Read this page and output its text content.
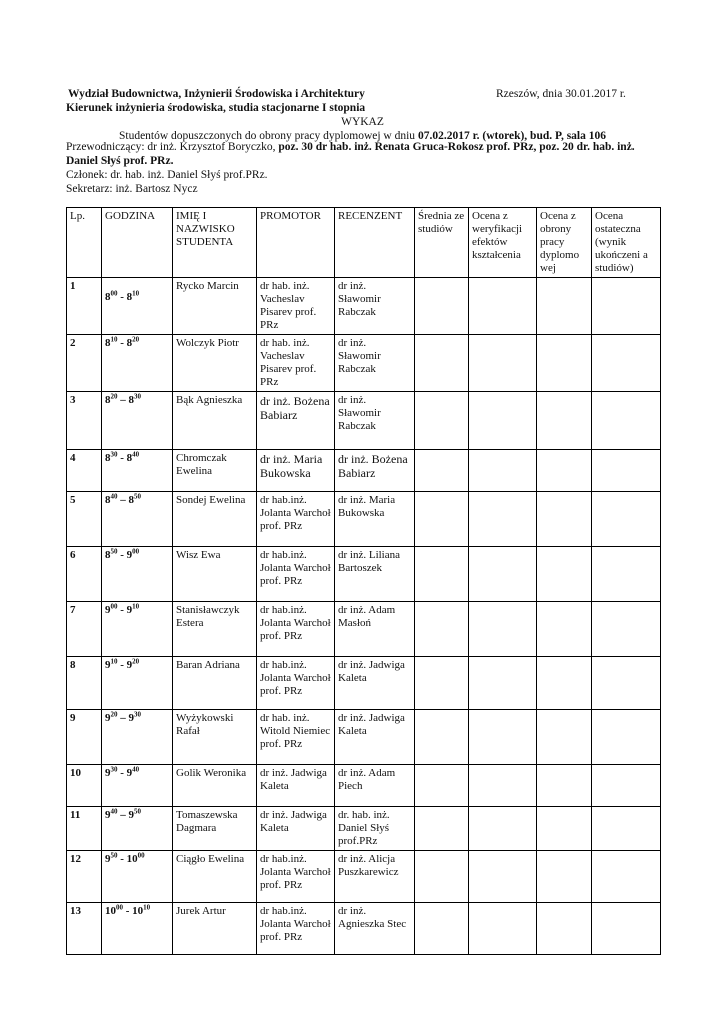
Wydział Budownictwa, Inżynierii Środowiska i Architektury	Rzeszów, dnia 30.01.2017 r.
Kierunek inżynieria środowiska, studia stacjonarne I stopnia
WYKAZ
Studentów dopuszczonych do obrony pracy dyplomowej w dniu 07.02.2017 r. (wtorek), bud. P, sala 106
Przewodniczący: dr inż. Krzysztof Boryczko, poz. 30 dr hab. inż. Renata Gruca-Rokosz prof. PRz, poz. 20 dr. hab. inż.
Daniel Słyś prof. PRz.
Członek: dr. hab. inż. Daniel Słyś prof.PRz.
Sekretarz: inż. Bartosz Nycz
Lp.	GODZINA	IMIĘ I NAZWISKO STUDENTA	PROMOTOR	RECENZENT	Średnia ze studiów	Ocena z weryfikacji efektów kształcenia	Ocena z obrony pracy dyplomo wej	Ocena ostateczna (wynik ukończeni a studiów)
1	$8^{00} - 8^{10}$	Rycko Marcin	dr hab. inż. Vacheslav Pisarev prof. PRz	dr inż. Sławomir Rabczak				
2	$8^{10} - 8^{20}$	Wolczyk Piotr	dr hab. inż. Vacheslav Pisarev prof. PRz	dr inż. Sławomir Rabczak				
3	$8^{20} - 8^{30}$	Bąk Agnieszka	dr inż. Bożena Babiarz	dr inż. Sławomir Rabczak				
4	$8^{30} - 8^{40}$	Chromczak Ewelina	dr inż. Maria Bukowska	dr inż. Bożena Babiarz				
5	$8^{40} - 8^{50}$	Sondej Ewelina	dr hab.inż. Jolanta Warchoł prof. PRz	dr inż. Maria Bukowska				
6	$8^{50} - 9^{00}$	Wisz Ewa	dr hab.inż. Jolanta Warchoł prof. PRz	dr inż. Liliana Bartoszek				
7	$9^{00} - 9^{10}$	Stanisławczyk Estera	dr hab.inż. Jolanta Warchoł prof. PRz	dr inż. Adam Masłoń				
8	$9^{10} - 9^{20}$	Baran Adriana	dr hab.inż. Jolanta Warchoł prof. PRz	dr inż. Jadwiga Kaleta				
9	$9^{20} - 9^{30}$	Wyżykowski Rafał	dr hab. inż. Witold Niemiec prof. PRz	dr inż. Jadwiga Kaleta				
10	$9^{30} - 9^{40}$	Golik Weronika	dr inż. Jadwiga Kaleta	dr inż. Adam Piech				
11	$9^{40} - 9^{50}$	Tomaszewska Dagmara	dr inż. Jadwiga Kaleta	dr. hab. inż. Daniel Słyś prof.PRz				
12	$9^{50} - 10^{00}$	Ciągło Ewelina	dr hab.inż. Jolanta Warchoł prof. PRz	dr inż. Alicja Puszkarewicz				
13	$10^{00} - 10^{10}$	Jurek Artur	dr hab.inż. Jolanta Warchoł prof. PRz	dr inż. Agnieszka Stec				
